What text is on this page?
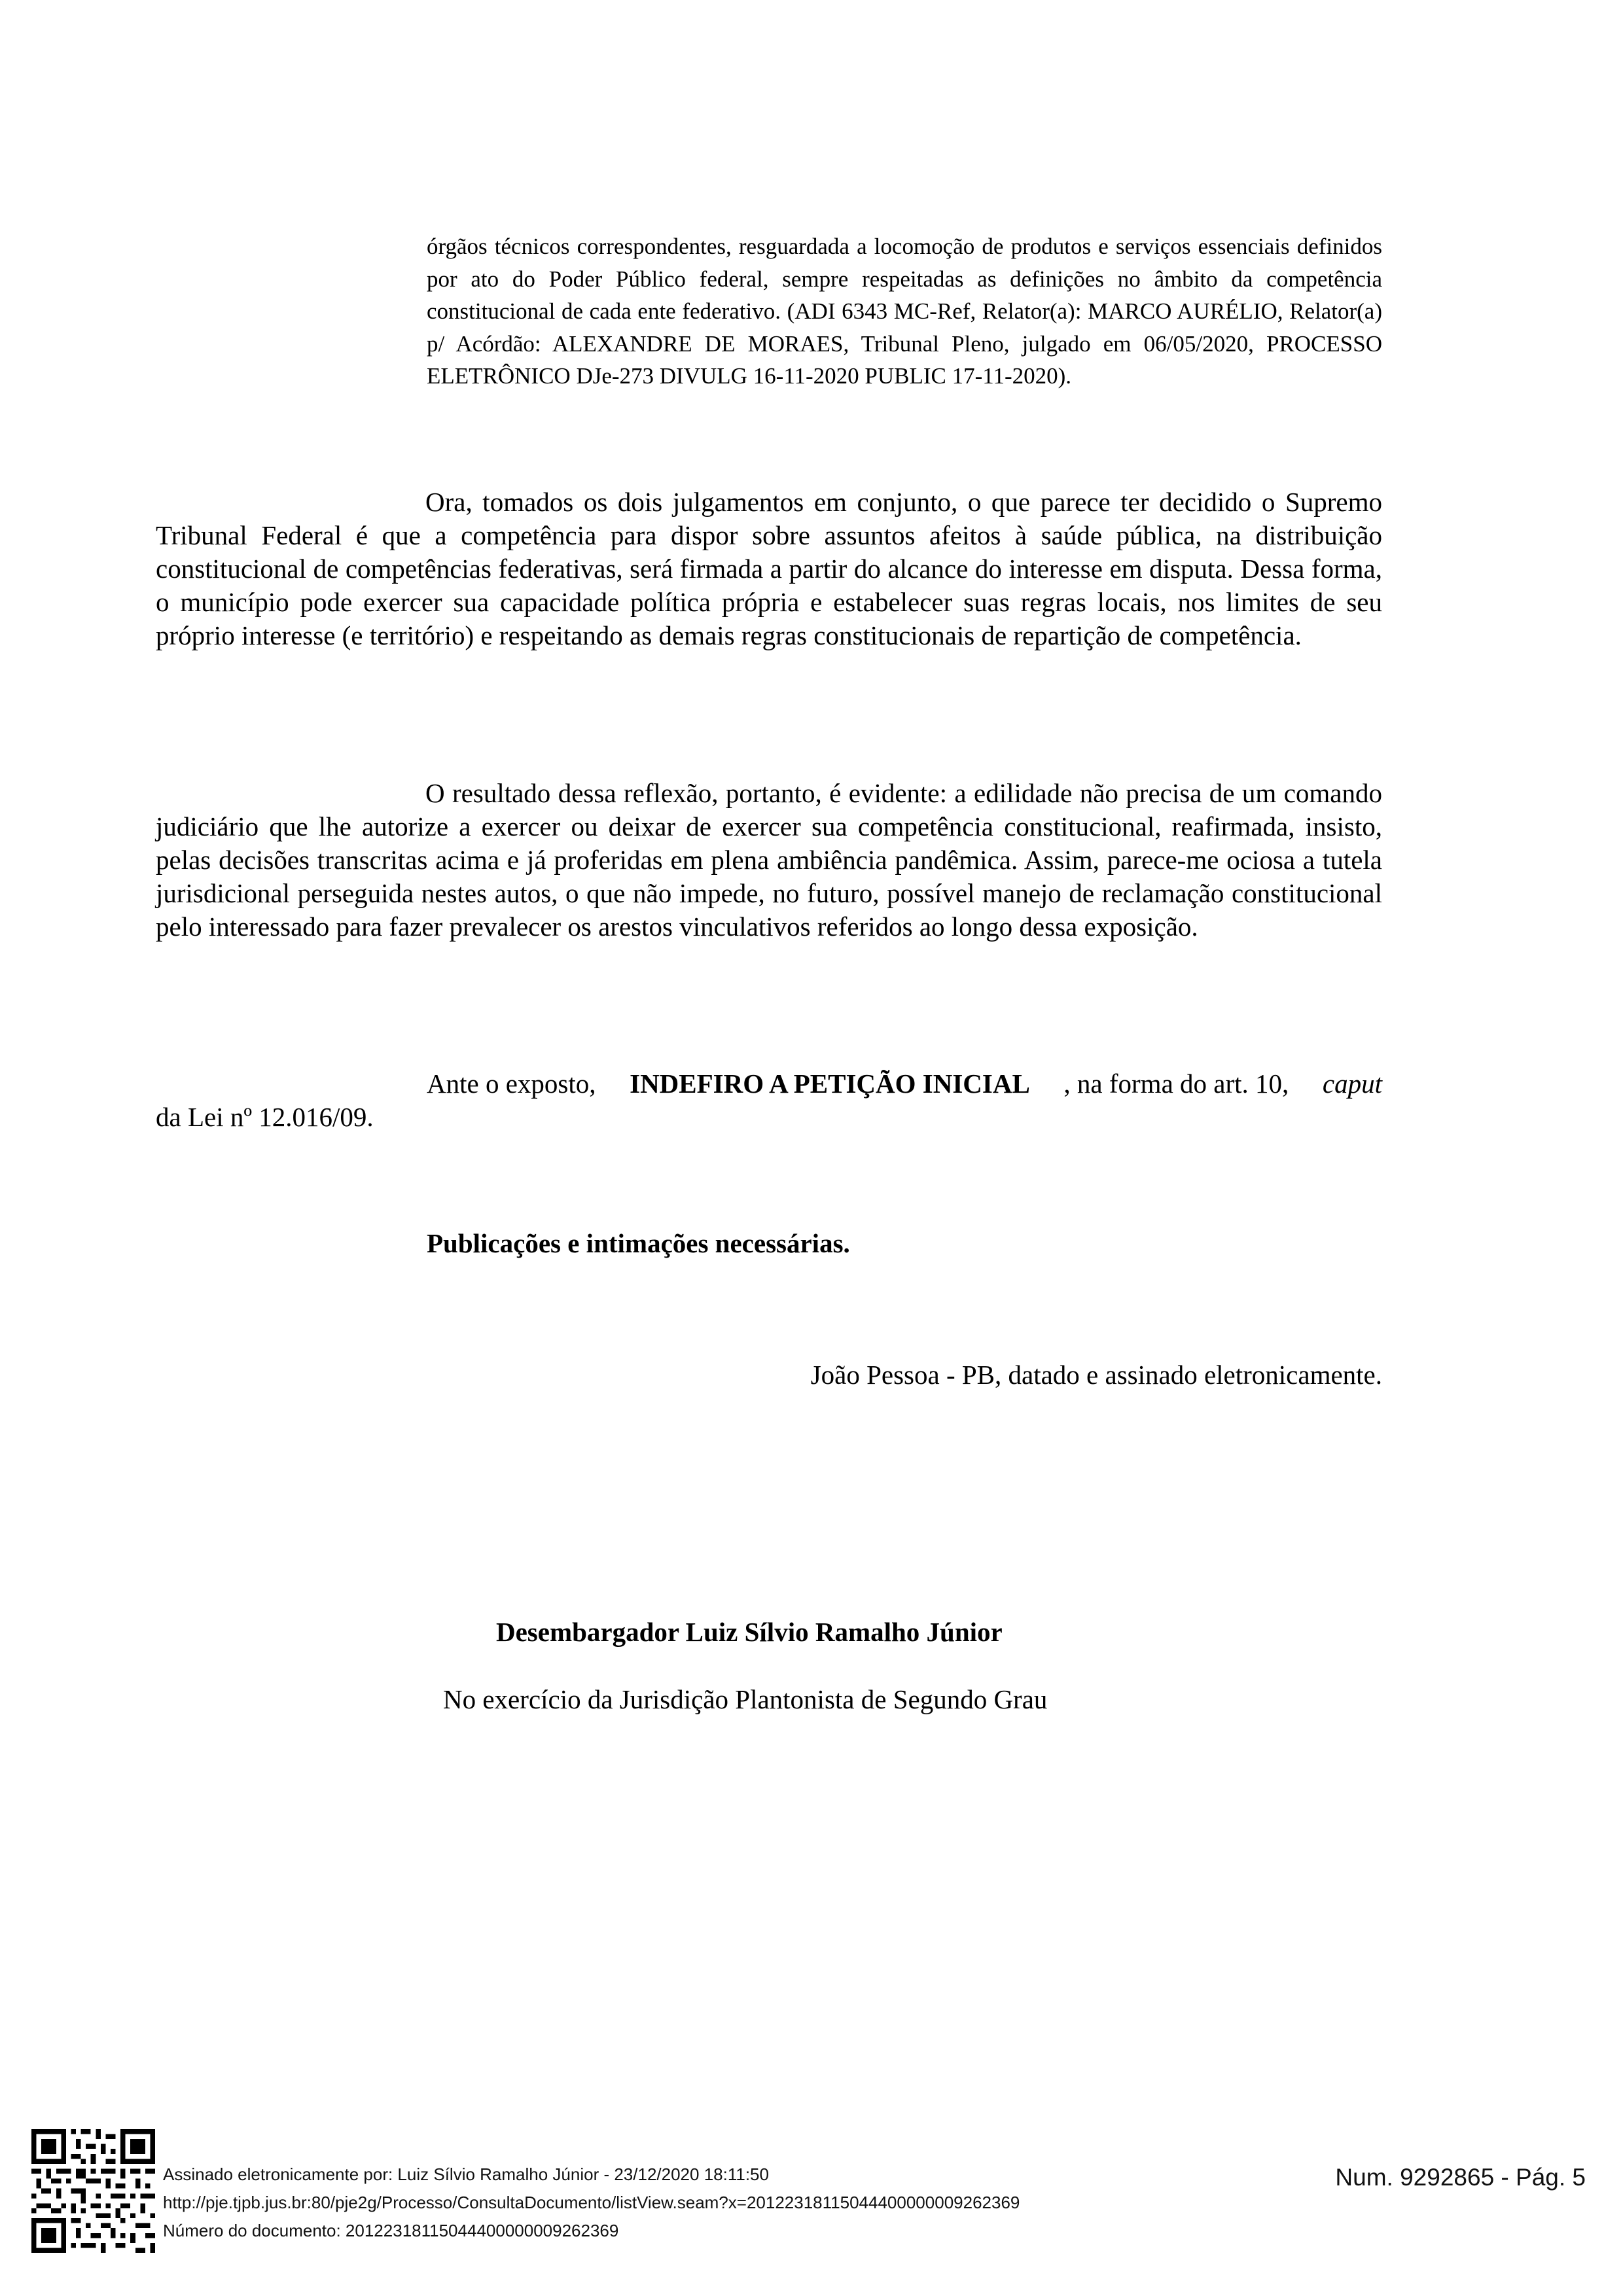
órgãos técnicos correspondentes, resguardada a locomoção de produtos e serviços essenciais definidos por ato do Poder Público federal, sempre respeitadas as definições no âmbito da competência constitucional de cada ente federativo. (ADI 6343 MC-Ref, Relator(a): MARCO AURÉLIO, Relator(a) p/ Acórdão: ALEXANDRE DE MORAES, Tribunal Pleno, julgado em 06/05/2020, PROCESSO ELETRÔNICO DJe-273 DIVULG 16-11-2020 PUBLIC 17-11-2020).
Ora, tomados os dois julgamentos em conjunto, o que parece ter decidido o Supremo Tribunal Federal é que a competência para dispor sobre assuntos afeitos à saúde pública, na distribuição constitucional de competências federativas, será firmada a partir do alcance do interesse em disputa. Dessa forma, o município pode exercer sua capacidade política própria e estabelecer suas regras locais, nos limites de seu próprio interesse (e território) e respeitando as demais regras constitucionais de repartição de competência.
O resultado dessa reflexão, portanto, é evidente: a edilidade não precisa de um comando judiciário que lhe autorize a exercer ou deixar de exercer sua competência constitucional, reafirmada, insisto, pelas decisões transcritas acima e já proferidas em plena ambiência pandêmica. Assim, parece-me ociosa a tutela jurisdicional perseguida nestes autos, o que não impede, no futuro, possível manejo de reclamação constitucional pelo interessado para fazer prevalecer os arestos vinculativos referidos ao longo dessa exposição.
Ante o exposto, INDEFIRO A PETIÇÃO INICIAL , na forma do art. 10, caput
da Lei nº 12.016/09.
Publicações e intimações necessárias.
João Pessoa - PB, datado e assinado eletronicamente.
Desembargador Luiz Sílvio Ramalho Júnior
No exercício da Jurisdição Plantonista de Segundo Grau
Assinado eletronicamente por: Luiz Sílvio Ramalho Júnior - 23/12/2020 18:11:50
http://pje.tjpb.jus.br:80/pje2g/Processo/ConsultaDocumento/listView.seam?x=20122318115044400000009262369
Número do documento: 20122318115044400000009262369
Num. 9292865 - Pág. 5
